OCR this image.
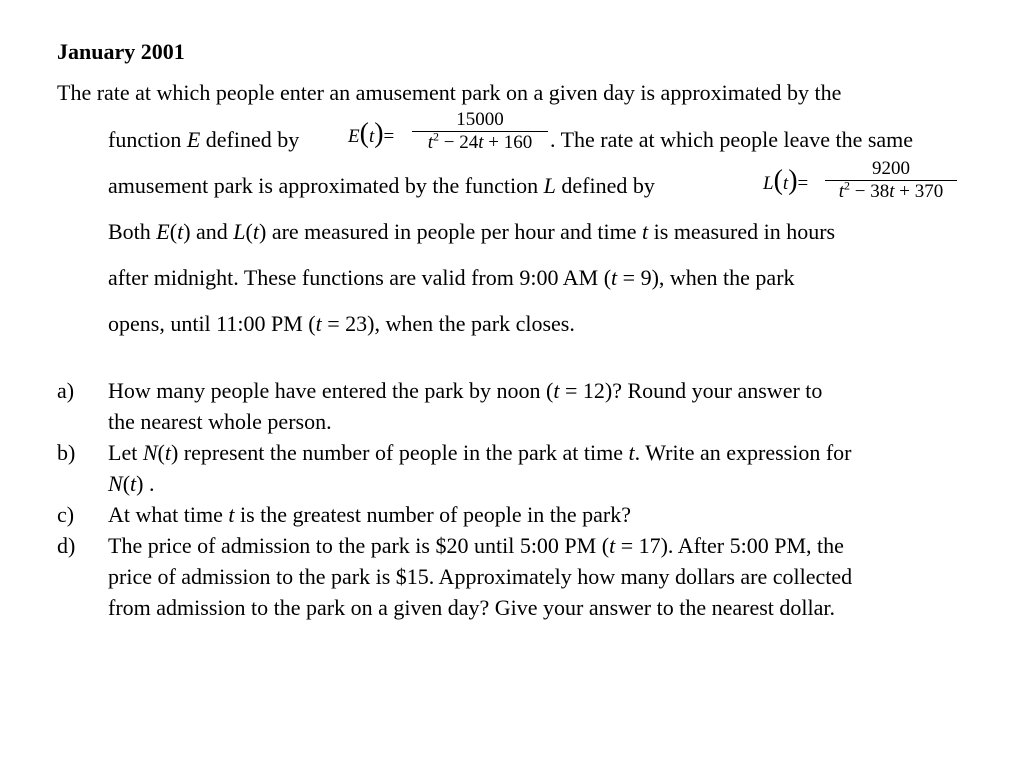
January 2001
The rate at which people enter an amusement park on a given day is approximated by the
function E defined by	E(t)=
15000
$t^2 - 24t + 160$ . The rate at which people leave the same
amusement park is approximated by the function L defined by	L(t)=
9200
$t^2 - 38t + 370$
Both E(t) and L(t) are measured in people per hour and time t is measured in hours
after midnight. These functions are valid from 9:00 AM (t = 9), when the park
opens, until 11:00 PM (t = 23), when the park closes.
a) How many people have entered the park by noon (t = 12)? Round your answer to
the nearest whole person.
b) Let N(t) represent the number of people in the park at time t. Write an expression for
N(t) .
c) At what time t is the greatest number of people in the park?
d) The price of admission to the park is $20 until 5:00 PM (t = 17). After 5:00 PM, the
price of admission to the park is $15. Approximately how many dollars are collected
from admission to the park on a given day? Give your answer to the nearest dollar.
